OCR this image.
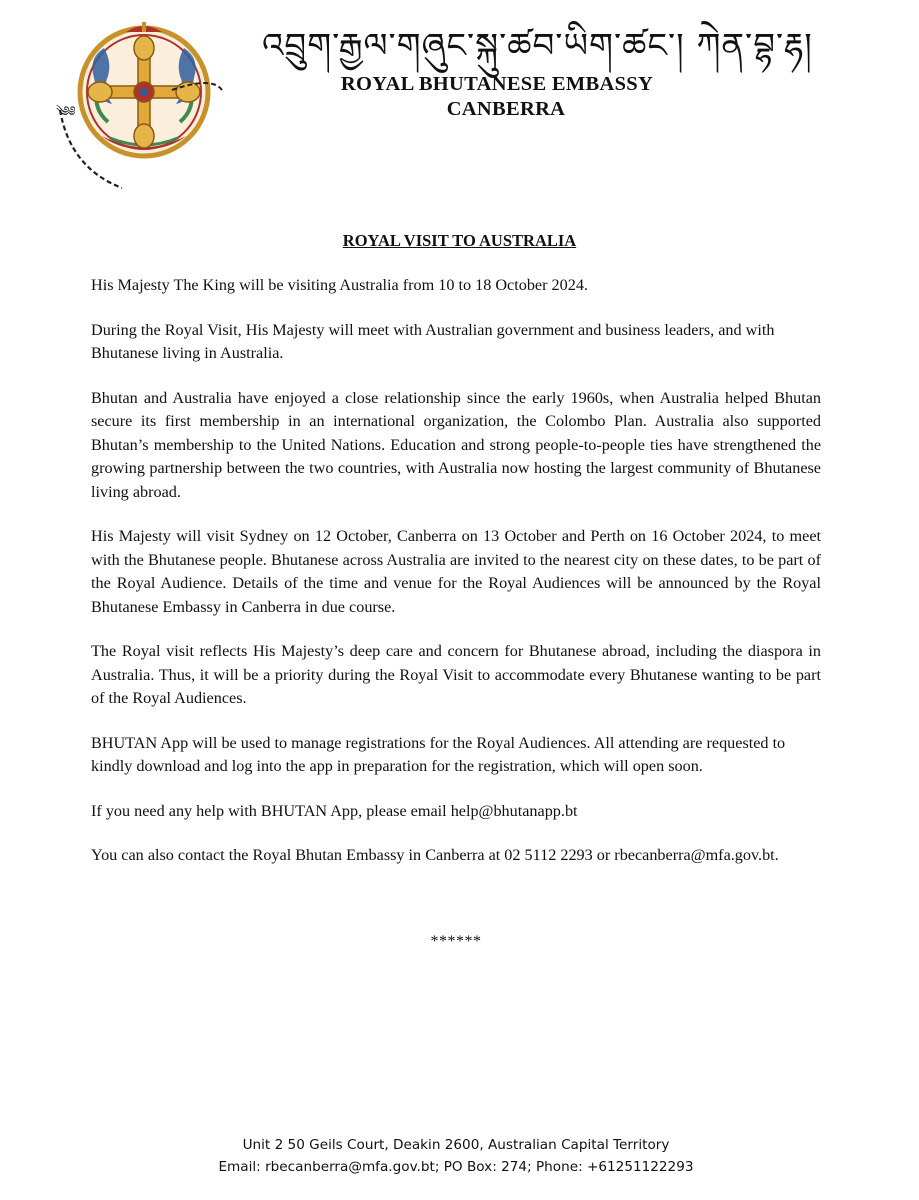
༄༅
འབྲུག་རྒྱལ་གཞུང་སྐུ་ཚབ་ཡིག་ཚང་། ཀེན་བྷ་རྷ།
ROYAL BHUTANESE EMBASSY
CANBERRA
ROYAL VISIT TO AUSTRALIA

His Majesty The King will be visiting Australia from 10 to 18 October 2024.

During the Royal Visit, His Majesty will meet with Australian government and business leaders, and with Bhutanese living in Australia.

Bhutan and Australia have enjoyed a close relationship since the early 1960s, when Australia helped Bhutan secure its first membership in an international organization, the Colombo Plan. Australia also supported Bhutan’s membership to the United Nations. Education and strong people-to-people ties have strengthened the growing partnership between the two countries, with Australia now hosting the largest community of Bhutanese living abroad.

His Majesty will visit Sydney on 12 October, Canberra on 13 October and Perth on 16 October 2024, to meet with the Bhutanese people. Bhutanese across Australia are invited to the nearest city on these dates, to be part of the Royal Audience. Details of the time and venue for the Royal Audiences will be announced by the Royal Bhutanese Embassy in Canberra in due course.

The Royal visit reflects His Majesty’s deep care and concern for Bhutanese abroad, including the diaspora in Australia. Thus, it will be a priority during the Royal Visit to accommodate every Bhutanese wanting to be part of the Royal Audiences.

BHUTAN App will be used to manage registrations for the Royal Audiences. All attending are requested to kindly download and log into the app in preparation for the registration, which will open soon.

If you need any help with BHUTAN App, please email help@bhutanapp.bt

You can also contact the Royal Bhutan Embassy in Canberra at 02 5112 2293 or rbecanberra@mfa.gov.bt.

******
Unit 2 50 Geils Court, Deakin 2600, Australian Capital Territory
Email: rbecanberra@mfa.gov.bt; PO Box: 274; Phone: +61251122293
